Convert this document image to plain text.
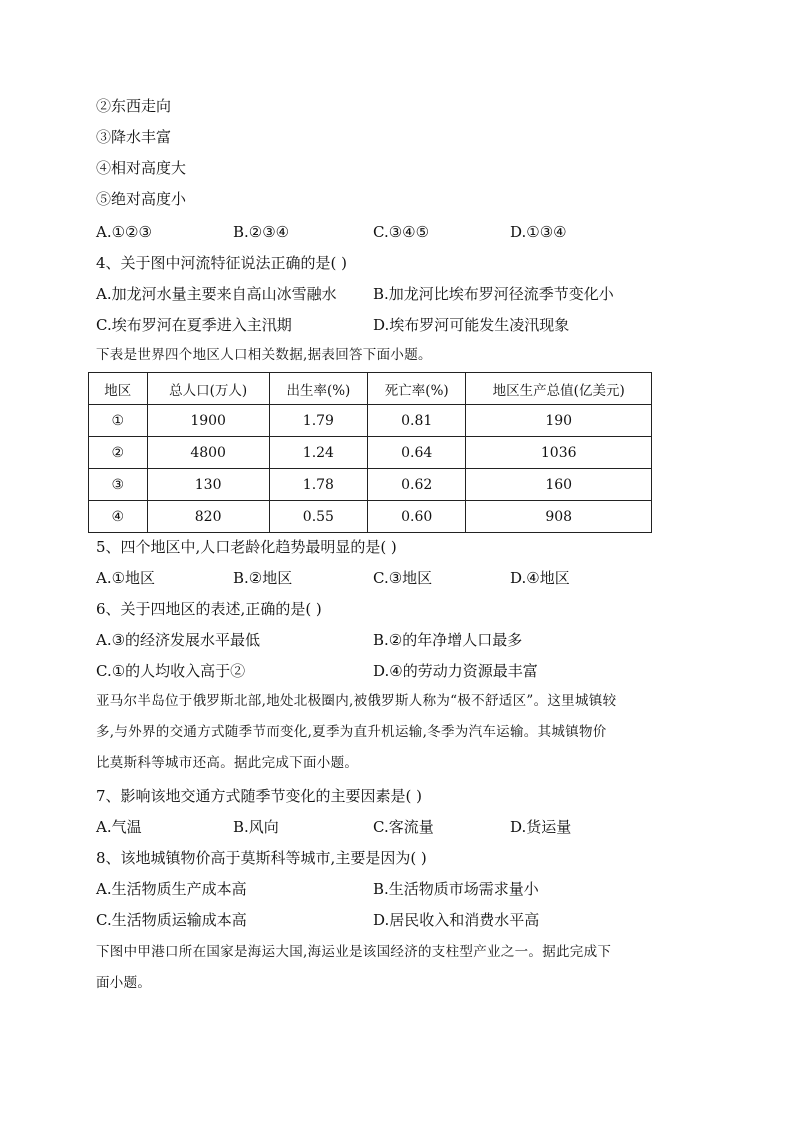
②东西走向
③降水丰富
④相对高度大
⑤绝对高度小
A.①②③	B.②③④	C.③④⑤	D.①③④
4、关于图中河流特征说法正确的是( )
A.加龙河水量主要来自高山冰雪融水 B.加龙河比埃布罗河径流季节变化小
C.埃布罗河在夏季进入主汛期	D.埃布罗河可能发生凌汛现象
下表是世界四个地区人口相关数据,据表回答下面小题。
地区	总人口(万人)	出生率(%)	死亡率(%)	地区生产总值(亿美元)
①	1900	1.79	0.81	190
②	4800	1.24	0.64	1036
③	130	1.78	0.62	160
④	820	0.55	0.60	908
5、四个地区中,人口老龄化趋势最明显的是( )
A.①地区	B.②地区	C.③地区	D.④地区
6、关于四地区的表述,正确的是( )
A.③的经济发展水平最低	B.②的年净增人口最多
C.①的人均收入高于②	D.④的劳动力资源最丰富
亚马尔半岛位于俄罗斯北部,地处北极圈内,被俄罗斯人称为“极不舒适区”。这里城镇较
多,与外界的交通方式随季节而变化,夏季为直升机运输,冬季为汽车运输。其城镇物价
比莫斯科等城市还高。据此完成下面小题。
7、影响该地交通方式随季节变化的主要因素是( )
A.气温	B.风向	C.客流量	D.货运量
8、该地城镇物价高于莫斯科等城市,主要是因为( )
A.生活物质生产成本高	B.生活物质市场需求量小
C.生活物质运输成本高	D.居民收入和消费水平高
下图中甲港口所在国家是海运大国,海运业是该国经济的支柱型产业之一。据此完成下
面小题。
